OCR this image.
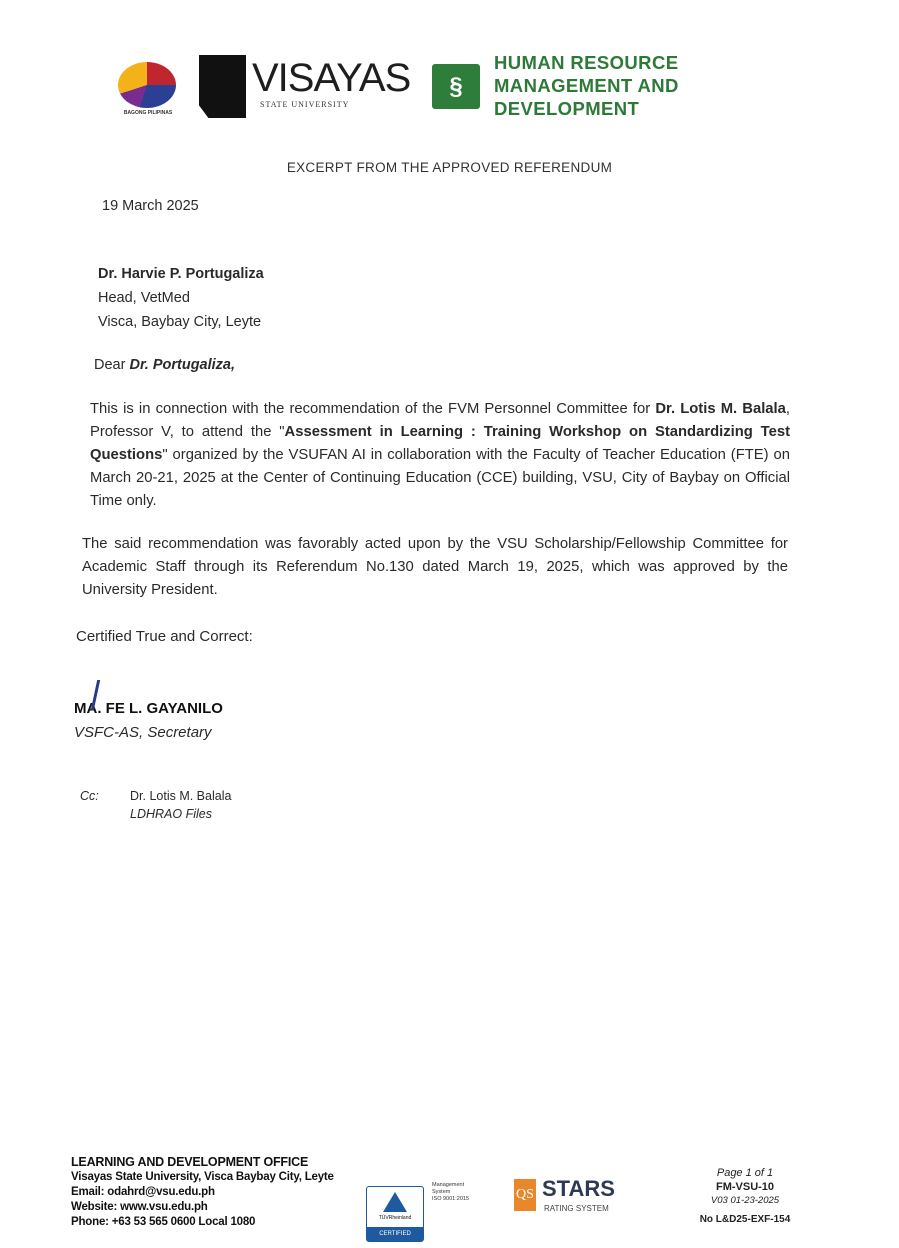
BAGONG PILIPINAS
VISAYAS
STATE UNIVERSITY
§
HUMAN RESOURCE
MANAGEMENT AND
DEVELOPMENT
EXCERPT FROM THE APPROVED REFERENDUM
19 March 2025
Dr. Harvie P. Portugaliza
Head, VetMed
Visca, Baybay City, Leyte
Dear Dr. Portugaliza,
This is in connection with the recommendation of the FVM Personnel Committee for Dr. Lotis M. Balala, Professor V, to attend the "Assessment in Learning : Training Workshop on Standardizing Test Questions" organized by the VSUFAN AI in collaboration with the Faculty of Teacher Education (FTE) on March 20-21, 2025 at the Center of Continuing Education (CCE) building, VSU, City of Baybay on Official Time only.
The said recommendation was favorably acted upon by the VSU Scholarship/Fellowship Committee for Academic Staff through its Referendum No.130 dated March 19, 2025, which was approved by the University President.
Certified True and Correct:
MA. FE L. GAYANILO
VSFC-AS, Secretary
Cc:	Dr. Lotis M. Balala
LDHRAO Files
LEARNING AND DEVELOPMENT OFFICE
Visayas State University, Visca Baybay City, Leyte
Email: odahrd@vsu.edu.ph
Website: www.vsu.edu.ph
Phone: +63 53 565 0600 Local 1080	TÜVRheinland
CERTIFIED
Management
System
ISO 9001:2015	QS STARS
RATING SYSTEM
Page 1 of 1
FM-VSU-10
V03 01-23-2025
No L&D25-EXF-154
